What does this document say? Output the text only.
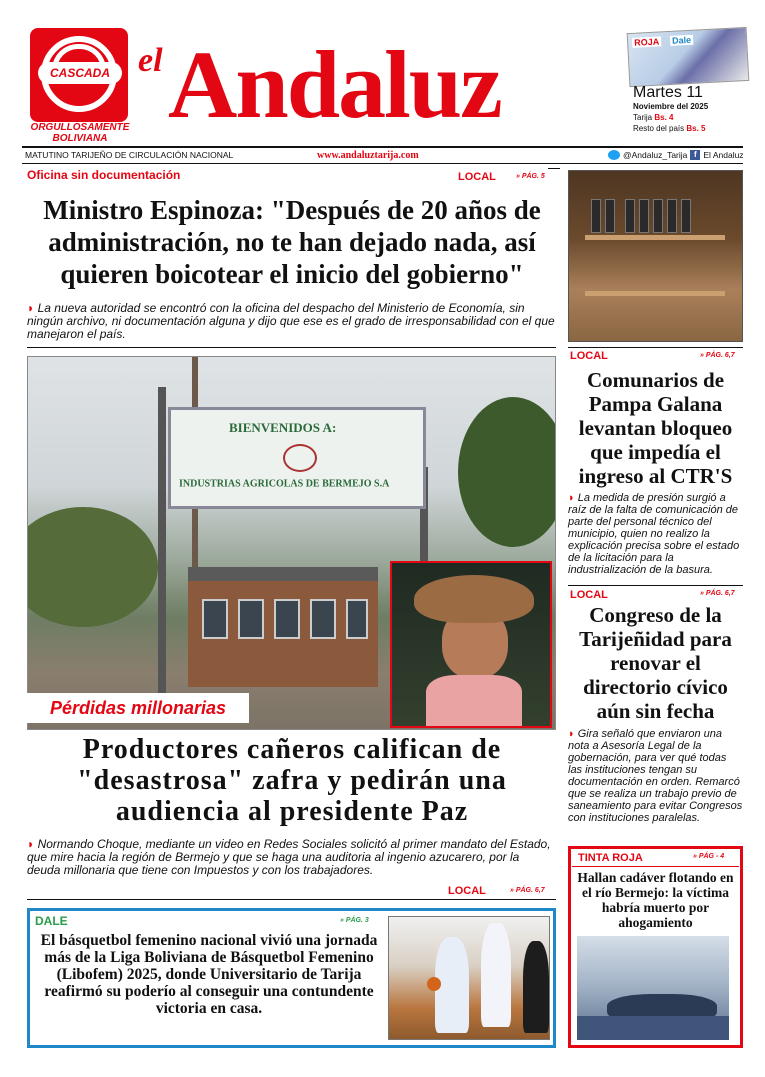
CASCADA
ORGULLOSAMENTE
BOLIVIANA
el Andaluz	ROJA Dale
Martes 11
Noviembre del 2025
Tarija Bs. 4
Resto del país Bs. 5
MATUTINO TARIJEÑO DE CIRCULACIÓN NACIONAL	www.andaluztarija.com	@Andaluz_Tarija f El Andaluz
Oficina sin documentación	LOCAL	» PÁG. 5
Ministro Espinoza: "Después de 20 años de administración, no te han dejado nada, así quieren boicotear el inicio del gobierno"
◗ La nueva autoridad se encontró con la oficina del despacho del Ministerio de Economía, sin ningún archivo, ni documentación alguna y dijo que ese es el grado de irresponsabilidad con el que manejaron el país.
BIENVENIDOS A:
INDUSTRIAS AGRICOLAS DE BERMEJO S.A
Pérdidas millonarias
Productores cañeros califican de "desastrosa" zafra y pedirán una audiencia al presidente Paz
◗ Normando Choque, mediante un video en Redes Sociales solicitó al primer mandato del Estado, que mire hacia la región de Bermejo y que se haga una auditoria al ingenio azucarero, por la deuda millonaria que tiene con Impuestos y con los trabajadores.
LOCAL	» PÁG. 6,7
LOCAL	» PÁG. 6,7
Comunarios de Pampa Galana levantan bloqueo que impedía el ingreso al CTR'S
◗ La medida de presión surgió a raíz de la falta de comunicación de parte del personal técnico del municipio, quien no realizo la explicación precisa sobre el estado de la licitación para la industrialización de la basura.
LOCAL	» PÁG. 6,7
Congreso de la Tarijeñidad para renovar el directorio cívico aún sin fecha
◗ Gira señaló que enviaron una nota a Asesoría Legal de la gobernación, para ver qué todas las instituciones tengan su documentación en orden. Remarcó que se realiza un trabajo previo de saneamiento para evitar Congresos con instituciones paralelas.
DALE	» PÁG. 3
El básquetbol femenino nacional vivió una jornada más de la Liga Boliviana de Básquetbol Femenino (Libofem) 2025, donde Universitario de Tarija reafirmó su poderío al conseguir una contundente victoria en casa.
TINTA ROJA	» PÁG - 4
Hallan cadáver flotando en el río Bermejo: la víctima habría muerto por ahogamiento
